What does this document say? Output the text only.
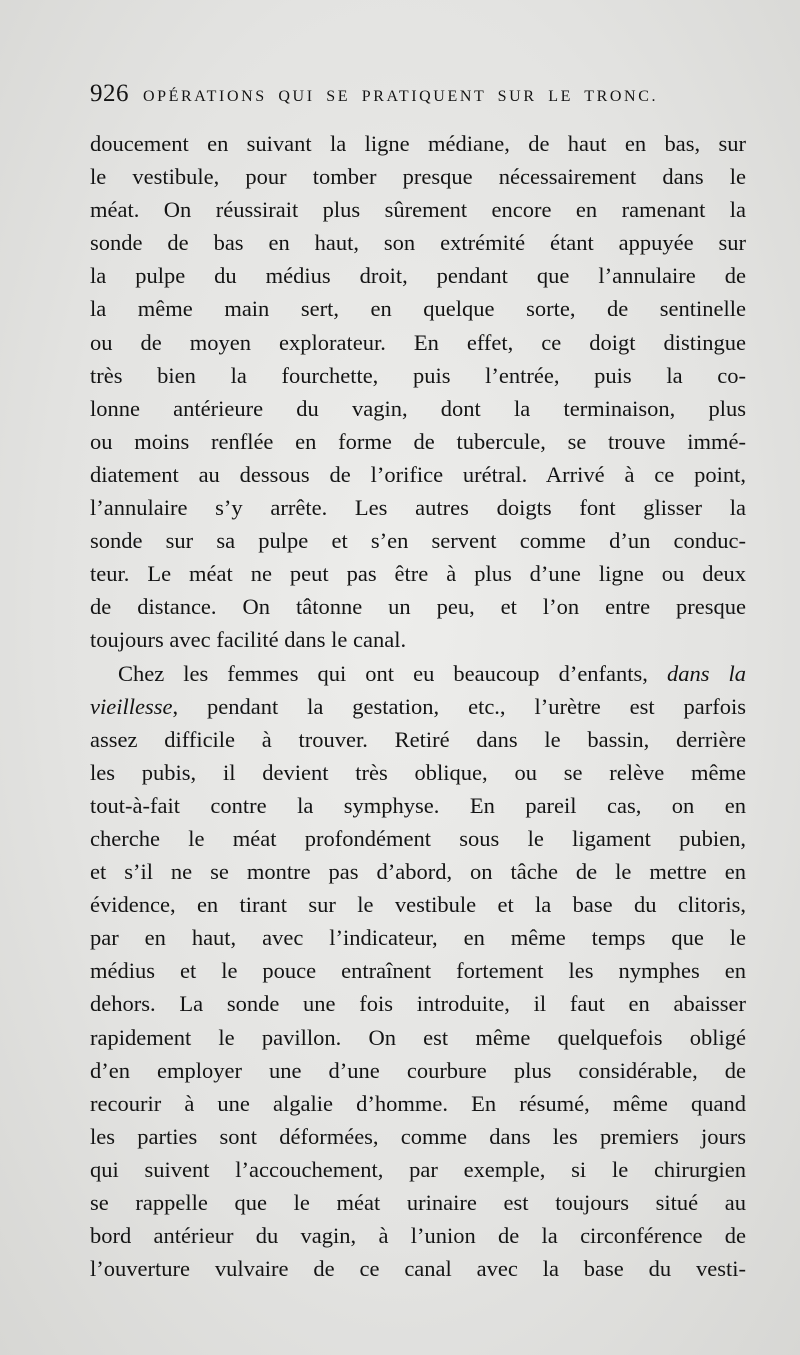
926 OPÉRATIONS QUI SE PRATIQUENT SUR LE TRONC.
doucement en suivant la ligne médiane, de haut en bas, sur
le vestibule, pour tomber presque nécessairement dans le
méat. On réussirait plus sûrement encore en ramenant la
sonde de bas en haut, son extrémité étant appuyée sur
la pulpe du médius droit, pendant que l’annulaire de
la même main sert, en quelque sorte, de sentinelle
ou de moyen explorateur. En effet, ce doigt distingue
très bien la fourchette, puis l’entrée, puis la co-
lonne antérieure du vagin, dont la terminaison, plus
ou moins renflée en forme de tubercule, se trouve immé-
diatement au dessous de l’orifice urétral. Arrivé à ce point,
l’annulaire s’y arrête. Les autres doigts font glisser la
sonde sur sa pulpe et s’en servent comme d’un conduc-
teur. Le méat ne peut pas être à plus d’une ligne ou deux
de distance. On tâtonne un peu, et l’on entre presque
toujours avec facilité dans le canal.
Chez les femmes qui ont eu beaucoup d’enfants, dans la
vieillesse, pendant la gestation, etc., l’urètre est parfois
assez difficile à trouver. Retiré dans le bassin, derrière
les pubis, il devient très oblique, ou se relève même
tout-à-fait contre la symphyse. En pareil cas, on en
cherche le méat profondément sous le ligament pubien,
et s’il ne se montre pas d’abord, on tâche de le mettre en
évidence, en tirant sur le vestibule et la base du clitoris,
par en haut, avec l’indicateur, en même temps que le
médius et le pouce entraînent fortement les nymphes en
dehors. La sonde une fois introduite, il faut en abaisser
rapidement le pavillon. On est même quelquefois obligé
d’en employer une d’une courbure plus considérable, de
recourir à une algalie d’homme. En résumé, même quand
les parties sont déformées, comme dans les premiers jours
qui suivent l’accouchement, par exemple, si le chirurgien
se rappelle que le méat urinaire est toujours situé au
bord antérieur du vagin, à l’union de la circonférence de
l’ouverture vulvaire de ce canal avec la base du vesti-
